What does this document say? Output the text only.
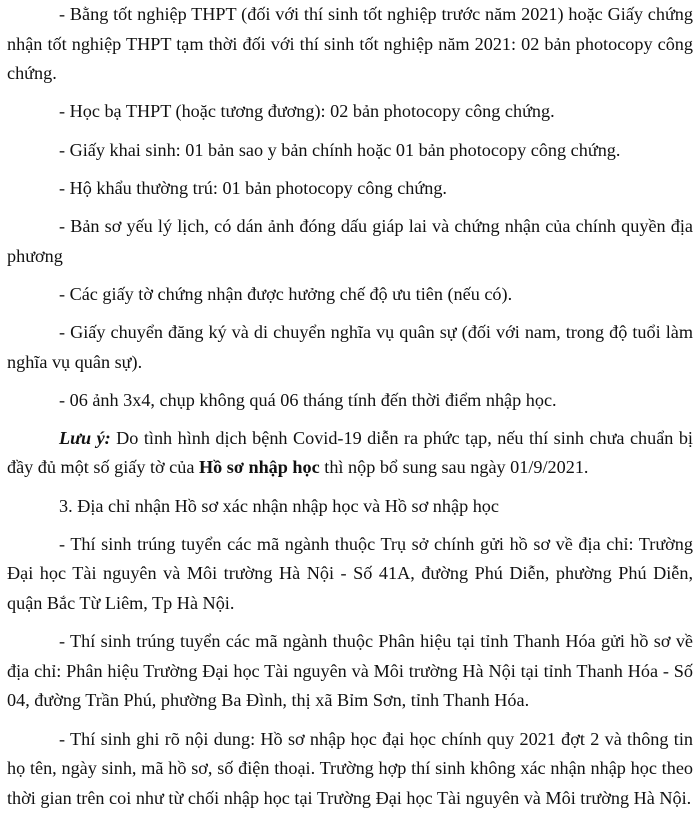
- Bằng tốt nghiệp THPT (đối với thí sinh tốt nghiệp trước năm 2021) hoặc Giấy chứng nhận tốt nghiệp THPT tạm thời đối với thí sinh tốt nghiệp năm 2021: 02 bản photocopy công chứng.

- Học bạ THPT (hoặc tương đương): 02 bản photocopy công chứng.

- Giấy khai sinh: 01 bản sao y bản chính hoặc 01 bản photocopy công chứng.

- Hộ khẩu thường trú: 01 bản photocopy công chứng.

- Bản sơ yếu lý lịch, có dán ảnh đóng dấu giáp lai và chứng nhận của chính quyền địa phương

- Các giấy tờ chứng nhận được hưởng chế độ ưu tiên (nếu có).

- Giấy chuyển đăng ký và di chuyển nghĩa vụ quân sự (đối với nam, trong độ tuổi làm nghĩa vụ quân sự).

- 06 ảnh 3x4, chụp không quá 06 tháng tính đến thời điểm nhập học.

Lưu ý: Do tình hình dịch bệnh Covid-19 diễn ra phức tạp, nếu thí sinh chưa chuẩn bị đầy đủ một số giấy tờ của Hồ sơ nhập học thì nộp bổ sung sau ngày 01/9/2021.

3. Địa chỉ nhận Hồ sơ xác nhận nhập học và Hồ sơ nhập học

- Thí sinh trúng tuyển các mã ngành thuộc Trụ sở chính gửi hồ sơ về địa chỉ: Trường Đại học Tài nguyên và Môi trường Hà Nội - Số 41A, đường Phú Diễn, phường Phú Diễn, quận Bắc Từ Liêm, Tp Hà Nội.

- Thí sinh trúng tuyển các mã ngành thuộc Phân hiệu tại tỉnh Thanh Hóa gửi hồ sơ về địa chỉ: Phân hiệu Trường Đại học Tài nguyên và Môi trường Hà Nội tại tỉnh Thanh Hóa - Số 04, đường Trần Phú, phường Ba Đình, thị xã Bỉm Sơn, tỉnh Thanh Hóa.

- Thí sinh ghi rõ nội dung: Hồ sơ nhập học đại học chính quy 2021 đợt 2 và thông tin họ tên, ngày sinh, mã hồ sơ, số điện thoại. Trường hợp thí sinh không xác nhận nhập học theo thời gian trên coi như từ chối nhập học tại Trường Đại học Tài nguyên và Môi trường Hà Nội.
